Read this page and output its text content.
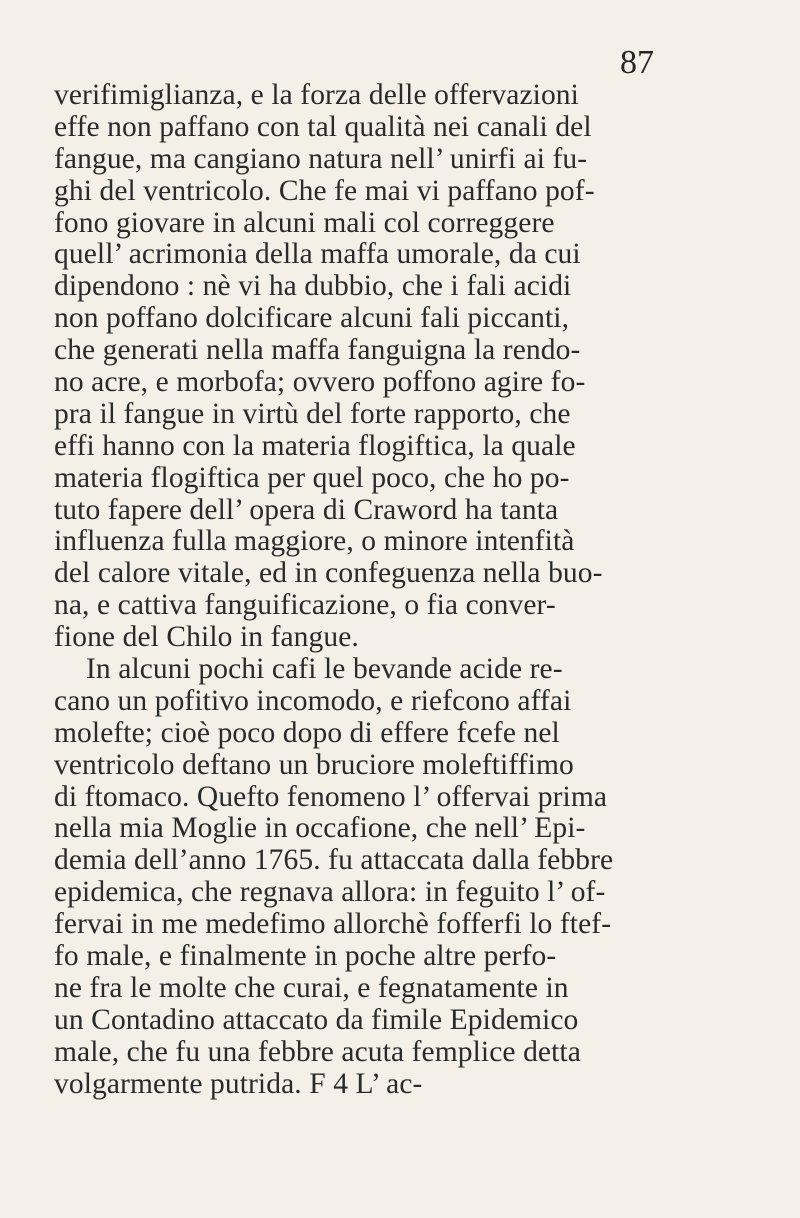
87
verifimiglianza, e la forza delle offervazioni
effe non paffano con tal qualità nei canali del
fangue, ma cangiano natura nell’ unirfi ai fu-
ghi del ventricolo. Che fe mai vi paffano pof-
fono giovare in alcuni mali col correggere
quell’ acrimonia della maffa umorale, da cui
dipendono : nè vi ha dubbio, che i fali acidi
non poffano dolcificare alcuni fali piccanti,
che generati nella maffa fanguigna la rendo-
no acre, e morbofa; ovvero poffono agire fo-
pra il fangue in virtù del forte rapporto, che
effi hanno con la materia flogiftica, la quale
materia flogiftica per quel poco, che ho po-
tuto fapere dell’ opera di Craword ha tanta
influenza fulla maggiore, o minore intenfità
del calore vitale, ed in confeguenza nella buo-
na, e cattiva fanguificazione, o fia conver-
fione del Chilo in fangue.
In alcuni pochi cafi le bevande acide re-
cano un pofitivo incomodo, e riefcono affai
molefte; cioè poco dopo di effere fcefe nel
ventricolo deftano un bruciore moleftiffimo
di ftomaco. Quefto fenomeno l’ offervai prima
nella mia Moglie in occafione, che nell’ Epi-
demia dell’anno 1765. fu attaccata dalla febbre
epidemica, che regnava allora: in feguito l’ of-
fervai in me medefimo allorchè fofferfi lo ftef-
fo male, e finalmente in poche altre perfo-
ne fra le molte che curai, e fegnatamente in
un Contadino attaccato da fimile Epidemico
male, che fu una febbre acuta femplice detta
volgarmente putrida. F 4 L’ ac-
